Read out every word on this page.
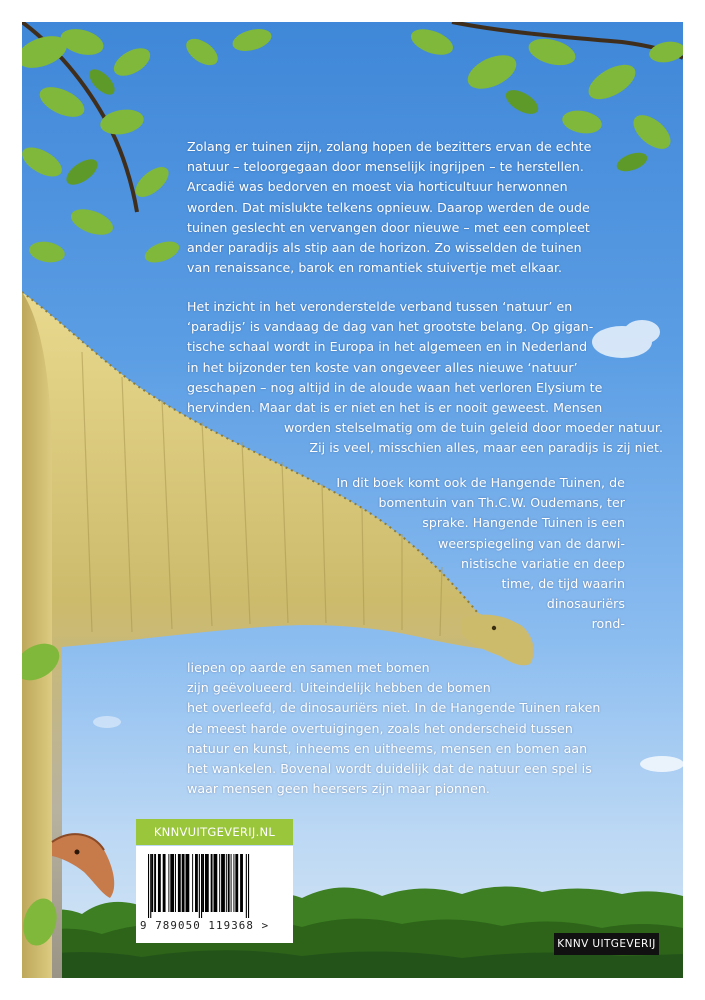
Zolang er tuinen zijn, zolang hopen de bezitters ervan de echte
natuur – teloorgegaan door menselijk ingrijpen – te herstellen.
Arcadië was bedorven en moest via horticultuur herwonnen
worden. Dat mislukte telkens opnieuw. Daarop werden de oude
tuinen geslecht en vervangen door nieuwe – met een compleet
ander paradijs als stip aan de horizon. Zo wisselden de tuinen
van renaissance, barok en romantiek stuivertje met elkaar.

Het inzicht in het veronderstelde verband tussen ‘natuur’ en
‘paradijs’ is vandaag de dag van het grootste belang. Op gigan-
tische schaal wordt in Europa in het algemeen en in Nederland
in het bijzonder ten koste van ongeveer alles nieuwe ‘natuur’
geschapen – nog altijd in de aloude waan het verloren Elysium te
hervinden. Maar dat is er niet en het is er nooit geweest. Mensen
worden stelselmatig om de tuin geleid door moeder natuur.
Zij is veel, misschien alles, maar een paradijs is zij niet.

In dit boek komt ook de Hangende Tuinen, de
bomentuin van Th.C.W. Oudemans, ter
sprake. Hangende Tuinen is een
weerspiegeling van de darwi-
nistische variatie en deep
time, de tijd waarin
dinosauriërs
rond-

liepen op aarde en samen met bomen
zijn geëvolueerd. Uiteindelijk hebben de bomen
het overleefd, de dinosauriërs niet. In de Hangende Tuinen raken
de meest harde overtuigingen, zoals het onderscheid tussen
natuur en kunst, inheems en uitheems, mensen en bomen aan
het wankelen. Bovenal wordt duidelijk dat de natuur een spel is
waar mensen geen heersers zijn maar pionnen.

KNNVUITGEVERIJ.NL
9 789050 119368 >
KNNV UITGEVERIJ
